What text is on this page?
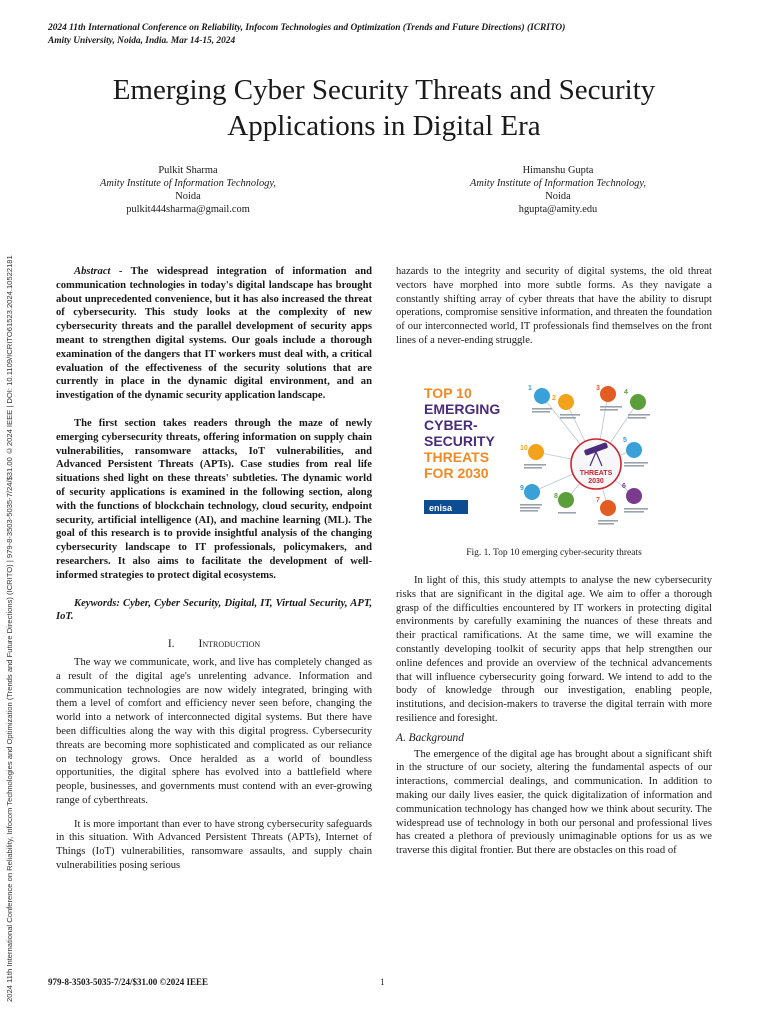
2024 11th International Conference on Reliability, Infocom Technologies and Optimization (Trends and Future Directions) (ICRITO) | 979-8-3503-5035-7/24/$31.00 ©2024 IEEE | DOI: 10.1109/ICRITO61523.2024.10522181
2024 11th International Conference on Reliability, Infocom Technologies and Optimization (Trends and Future Directions) (ICRITO)
Amity University, Noida, India. Mar 14-15, 2024
Emerging Cyber Security Threats and Security
Applications in Digital Era
Pulkit Sharma
Amity Institute of Information Technology,
Noida
pulkit444sharma@gmail.com
Himanshu Gupta
Amity Institute of Information Technology,
Noida
hgupta@amity.edu

Abstract - The widespread integration of information and communication technologies in today's digital landscape has brought about unprecedented convenience, but it has also increased the threat of cybersecurity. This study looks at the complexity of new cybersecurity threats and the parallel development of security apps meant to strengthen digital systems. Our goals include a thorough examination of the dangers that IT workers must deal with, a critical evaluation of the effectiveness of the security solutions that are currently in place in the dynamic digital environment, and an investigation of the dynamic security application landscape.

The first section takes readers through the maze of newly emerging cybersecurity threats, offering information on supply chain vulnerabilities, ransomware attacks, IoT vulnerabilities, and Advanced Persistent Threats (APTs). Case studies from real life situations shed light on these threats' subtleties. The dynamic world of security applications is examined in the following section, along with the functions of blockchain technology, cloud security, endpoint security, artificial intelligence (AI), and machine learning (ML). The goal of this research is to provide insightful analysis of the changing cybersecurity landscape to IT professionals, policymakers, and researchers. It also aims to facilitate the development of well-informed strategies to protect digital ecosystems.

Keywords: Cyber, Cyber Security, Digital, IT, Virtual Security, APT, IoT.

I. Introduction

The way we communicate, work, and live has completely changed as a result of the digital age's unrelenting advance. Information and communication technologies are now widely integrated, bringing with them a level of comfort and efficiency never seen before, changing the world into a network of interconnected digital systems. But there have been difficulties along the way with this digital progress. Cybersecurity threats are becoming more sophisticated and complicated as our reliance on technology grows. Once heralded as a world of boundless opportunities, the digital sphere has evolved into a battlefield where people, businesses, and governments must contend with an ever-growing range of cyberthreats.

It is more important than ever to have strong cybersecurity safeguards in this situation. With Advanced Persistent Threats (APTs), Internet of Things (IoT) vulnerabilities, ransomware assaults, and supply chain vulnerabilities posing serious

hazards to the integrity and security of digital systems, the old threat vectors have morphed into more subtle forms. As they navigate a constantly shifting array of cyber threats that have the ability to disrupt operations, compromise sensitive information, and threaten the foundation of our interconnected world, IT professionals find themselves on the front lines of a never-ending struggle.

TOP 10
EMERGING
CYBER-
SECURITY
THREATS
FOR 2030
enisa
THREATS
2030
1
2
3
4
5
6
7
8
9
10
Fig. 1. Top 10 emerging cyber-security threats

In light of this, this study attempts to analyse the new cybersecurity risks that are significant in the digital age. We aim to offer a thorough grasp of the difficulties encountered by IT workers in protecting digital environments by carefully examining the nuances of these threats and their practical ramifications. At the same time, we will examine the constantly developing toolkit of security apps that help strengthen our online defences and provide an overview of the technical advancements that will influence cybersecurity going forward. We intend to add to the body of knowledge through our investigation, enabling people, institutions, and decision-makers to traverse the digital terrain with more resilience and foresight.

A. Background

The emergence of the digital age has brought about a significant shift in the structure of our society, altering the fundamental aspects of our interactions, commercial dealings, and communication. In addition to making our daily lives easier, the quick digitalization of information and communication technology has changed how we think about security. The widespread use of technology in both our personal and professional lives has created a plethora of previously unimaginable options for us as we traverse this digital frontier. But there are obstacles on this road of

979-8-3503-5035-7/24/$31.00 ©2024 IEEE	1
